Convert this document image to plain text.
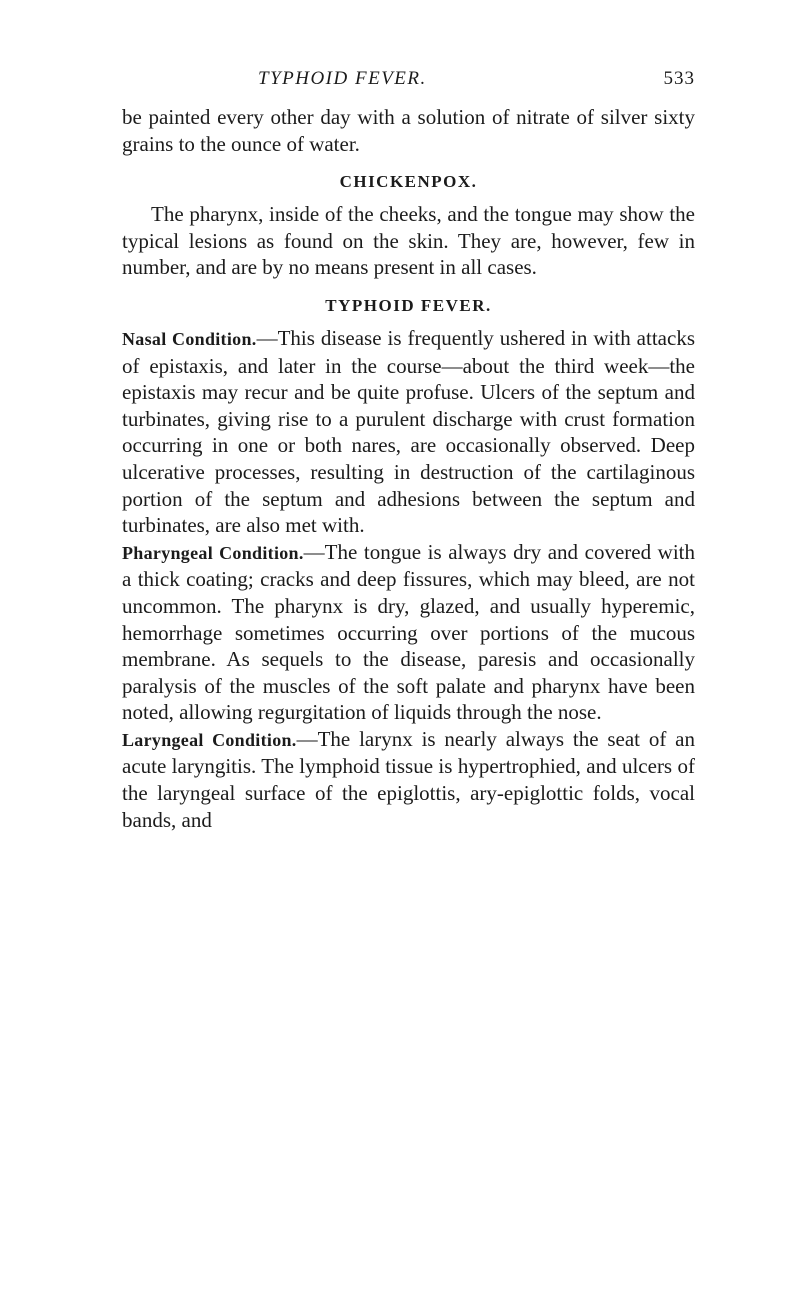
TYPHOID FEVER.	533

be painted every other day with a solution of nitrate of silver sixty grains to the ounce of water.

CHICKENPOX.

The pharynx, inside of the cheeks, and the tongue may show the typical lesions as found on the skin. They are, however, few in number, and are by no means present in all cases.

TYPHOID FEVER.

Nasal Condition.—This disease is frequently ushered in with attacks of epistaxis, and later in the course—about the third week—the epistaxis may recur and be quite profuse. Ulcers of the septum and turbinates, giving rise to a purulent discharge with crust formation occurring in one or both nares, are occasionally observed. Deep ulcerative processes, resulting in destruction of the cartilaginous portion of the septum and adhesions between the septum and turbinates, are also met with.

Pharyngeal Condition.—The tongue is always dry and covered with a thick coating; cracks and deep fissures, which may bleed, are not uncommon. The pharynx is dry, glazed, and usually hyperemic, hemorrhage sometimes occurring over portions of the mucous membrane. As sequels to the disease, paresis and occasionally paralysis of the muscles of the soft palate and pharynx have been noted, allowing regurgitation of liquids through the nose.

Laryngeal Condition.—The larynx is nearly always the seat of an acute laryngitis. The lymphoid tissue is hypertrophied, and ulcers of the laryngeal surface of the epiglottis, ary-epiglottic folds, vocal bands, and
